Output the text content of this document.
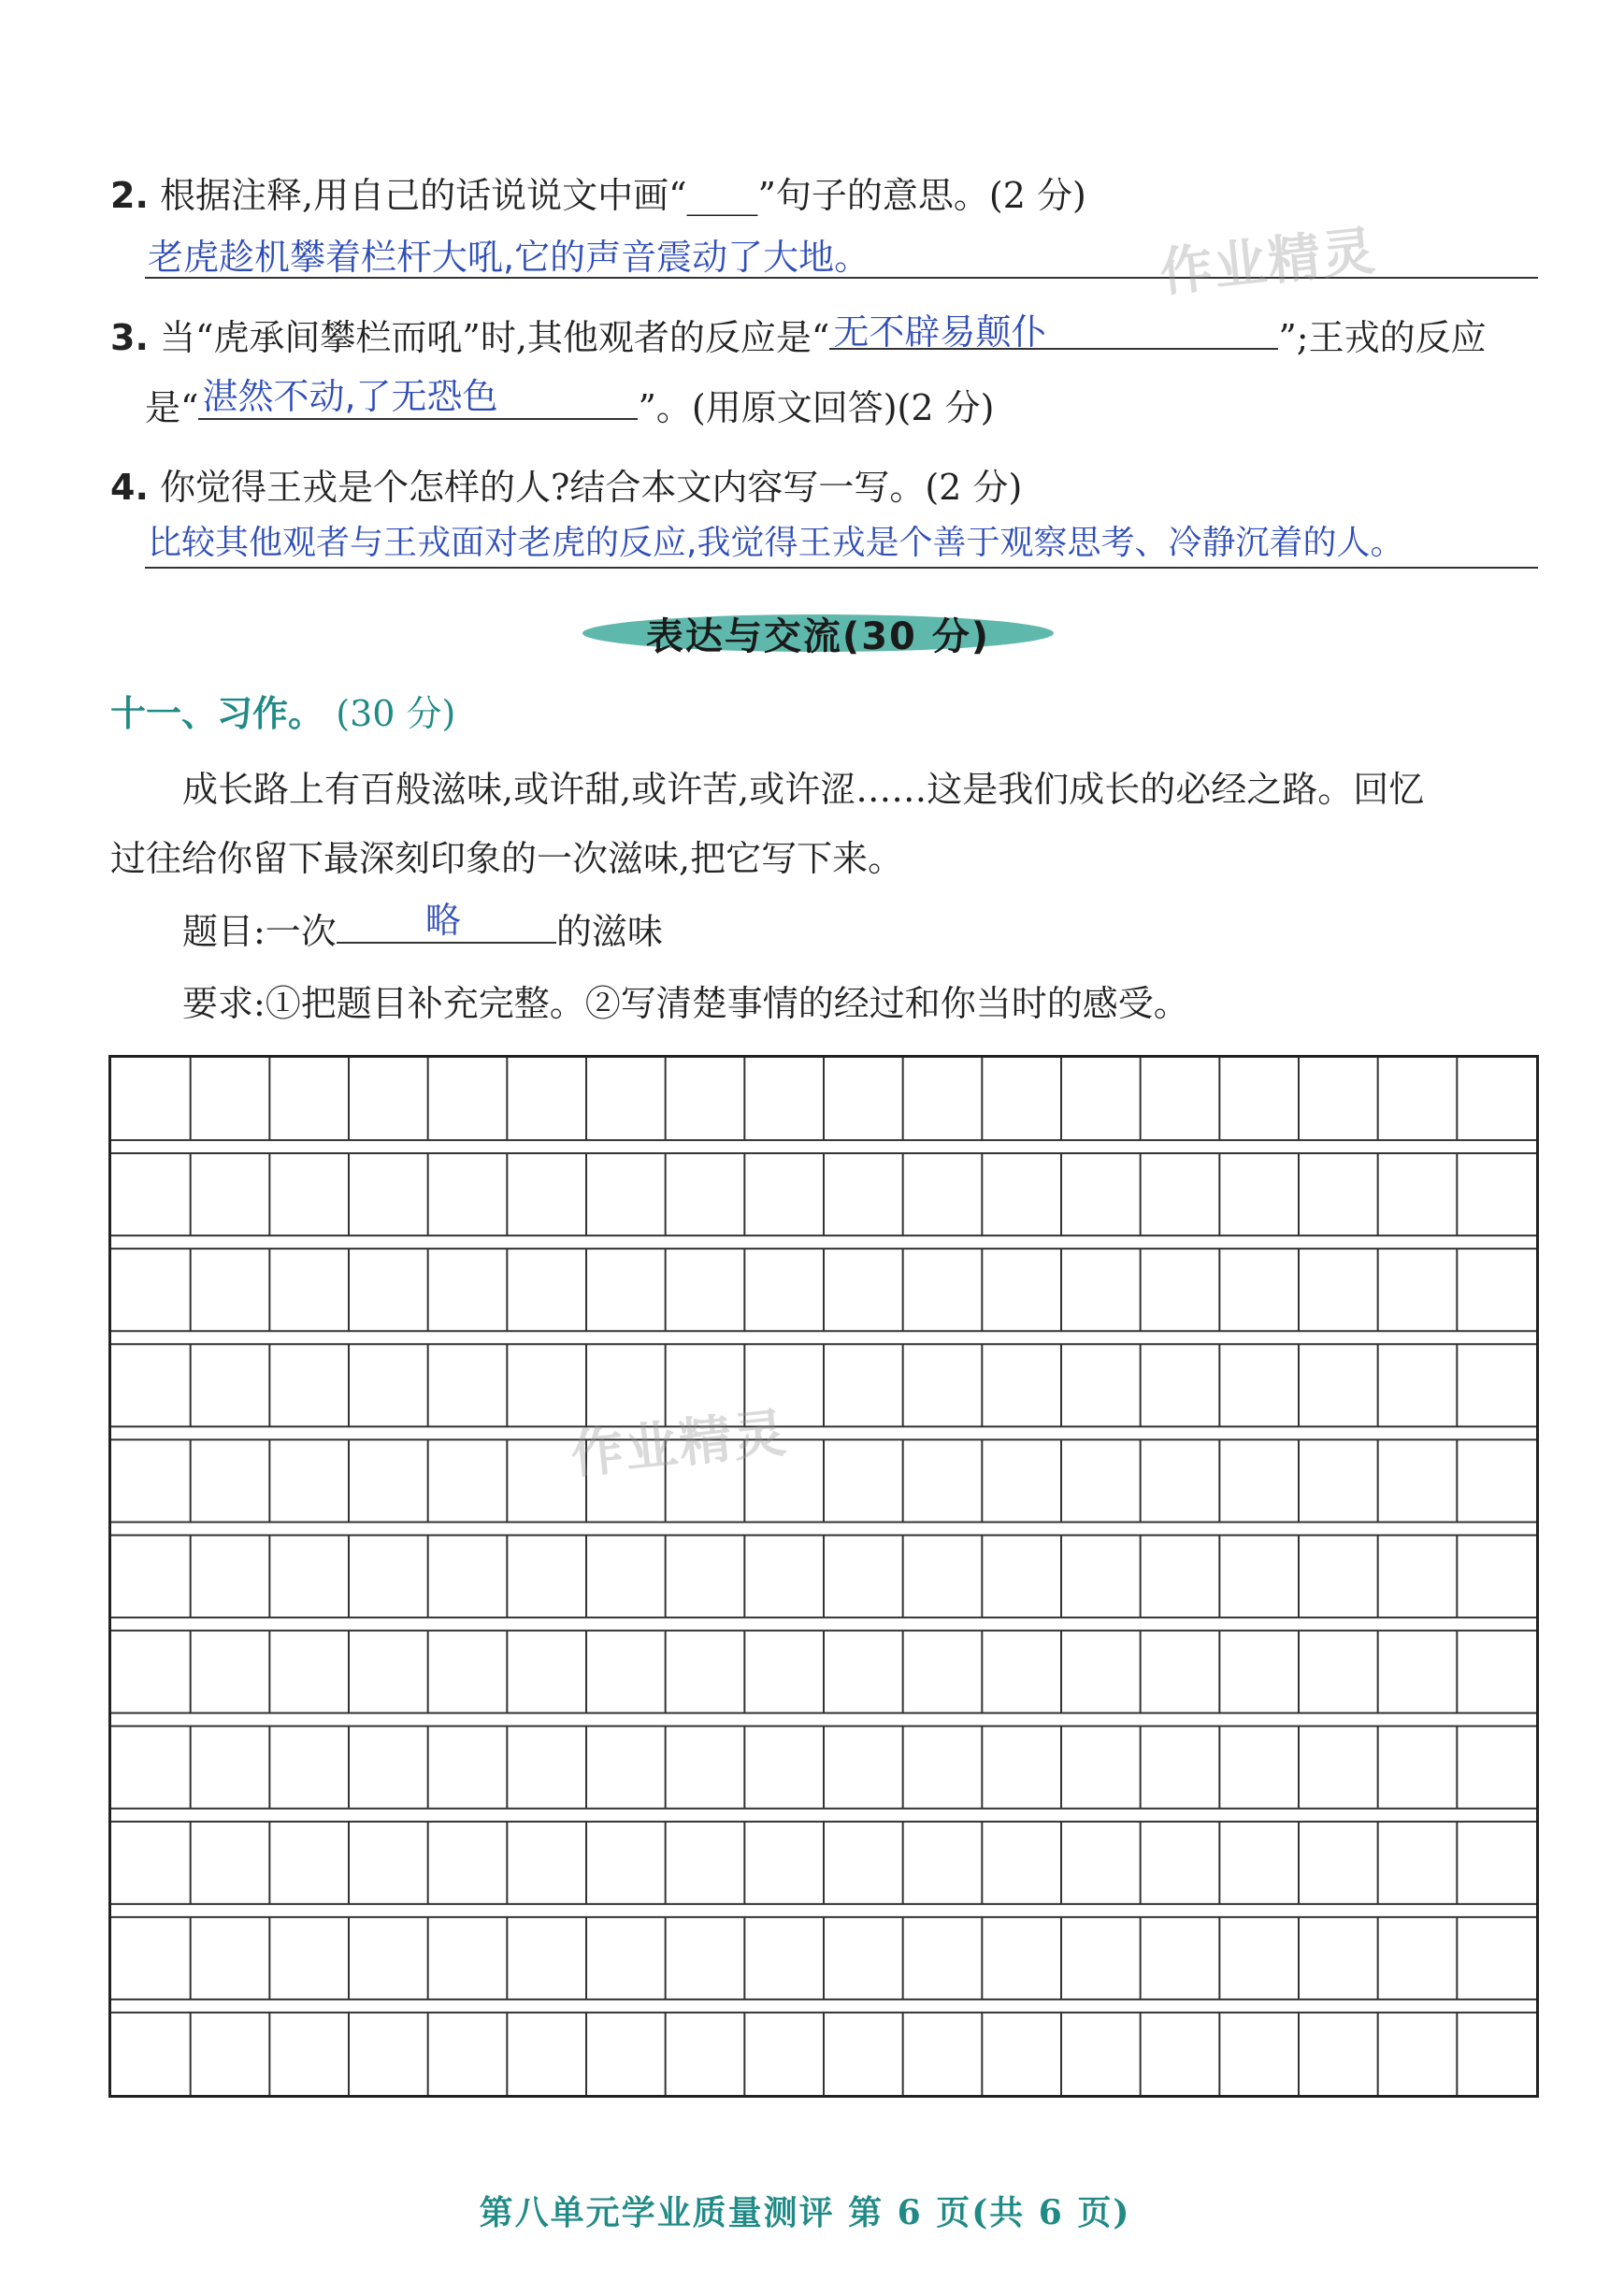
2. 根据注释,用自己的话说说文中画“____”句子的意思。(2 分)
老虎趁机攀着栏杆大吼,它的声音震动了大地。
3. 当“虎承间攀栏而吼”时,其他观者的反应是“ 无不辟易颠仆	”;王戎的反应
是“ 湛然不动,了无恐色	”。(用原文回答)(2 分)
4. 你觉得王戎是个怎样的人?结合本文内容写一写。(2 分)
比较其他观者与王戎面对老虎的反应,我觉得王戎是个善于观察思考、冷静沉着的人。
表达与交流(30 分)
十一、习作。 (30 分)
成长路上有百般滋味,或许甜,或许苦,或许涩……这是我们成长的必经之路。回忆
过往给你留下最深刻印象的一次滋味,把它写下来。
题目:一次	略	的滋味
要求:①把题目补充完整。②写清楚事情的经过和你当时的感受。
作业精灵
作业精灵
第八单元学业质量测评 第 6 页(共 6 页)
